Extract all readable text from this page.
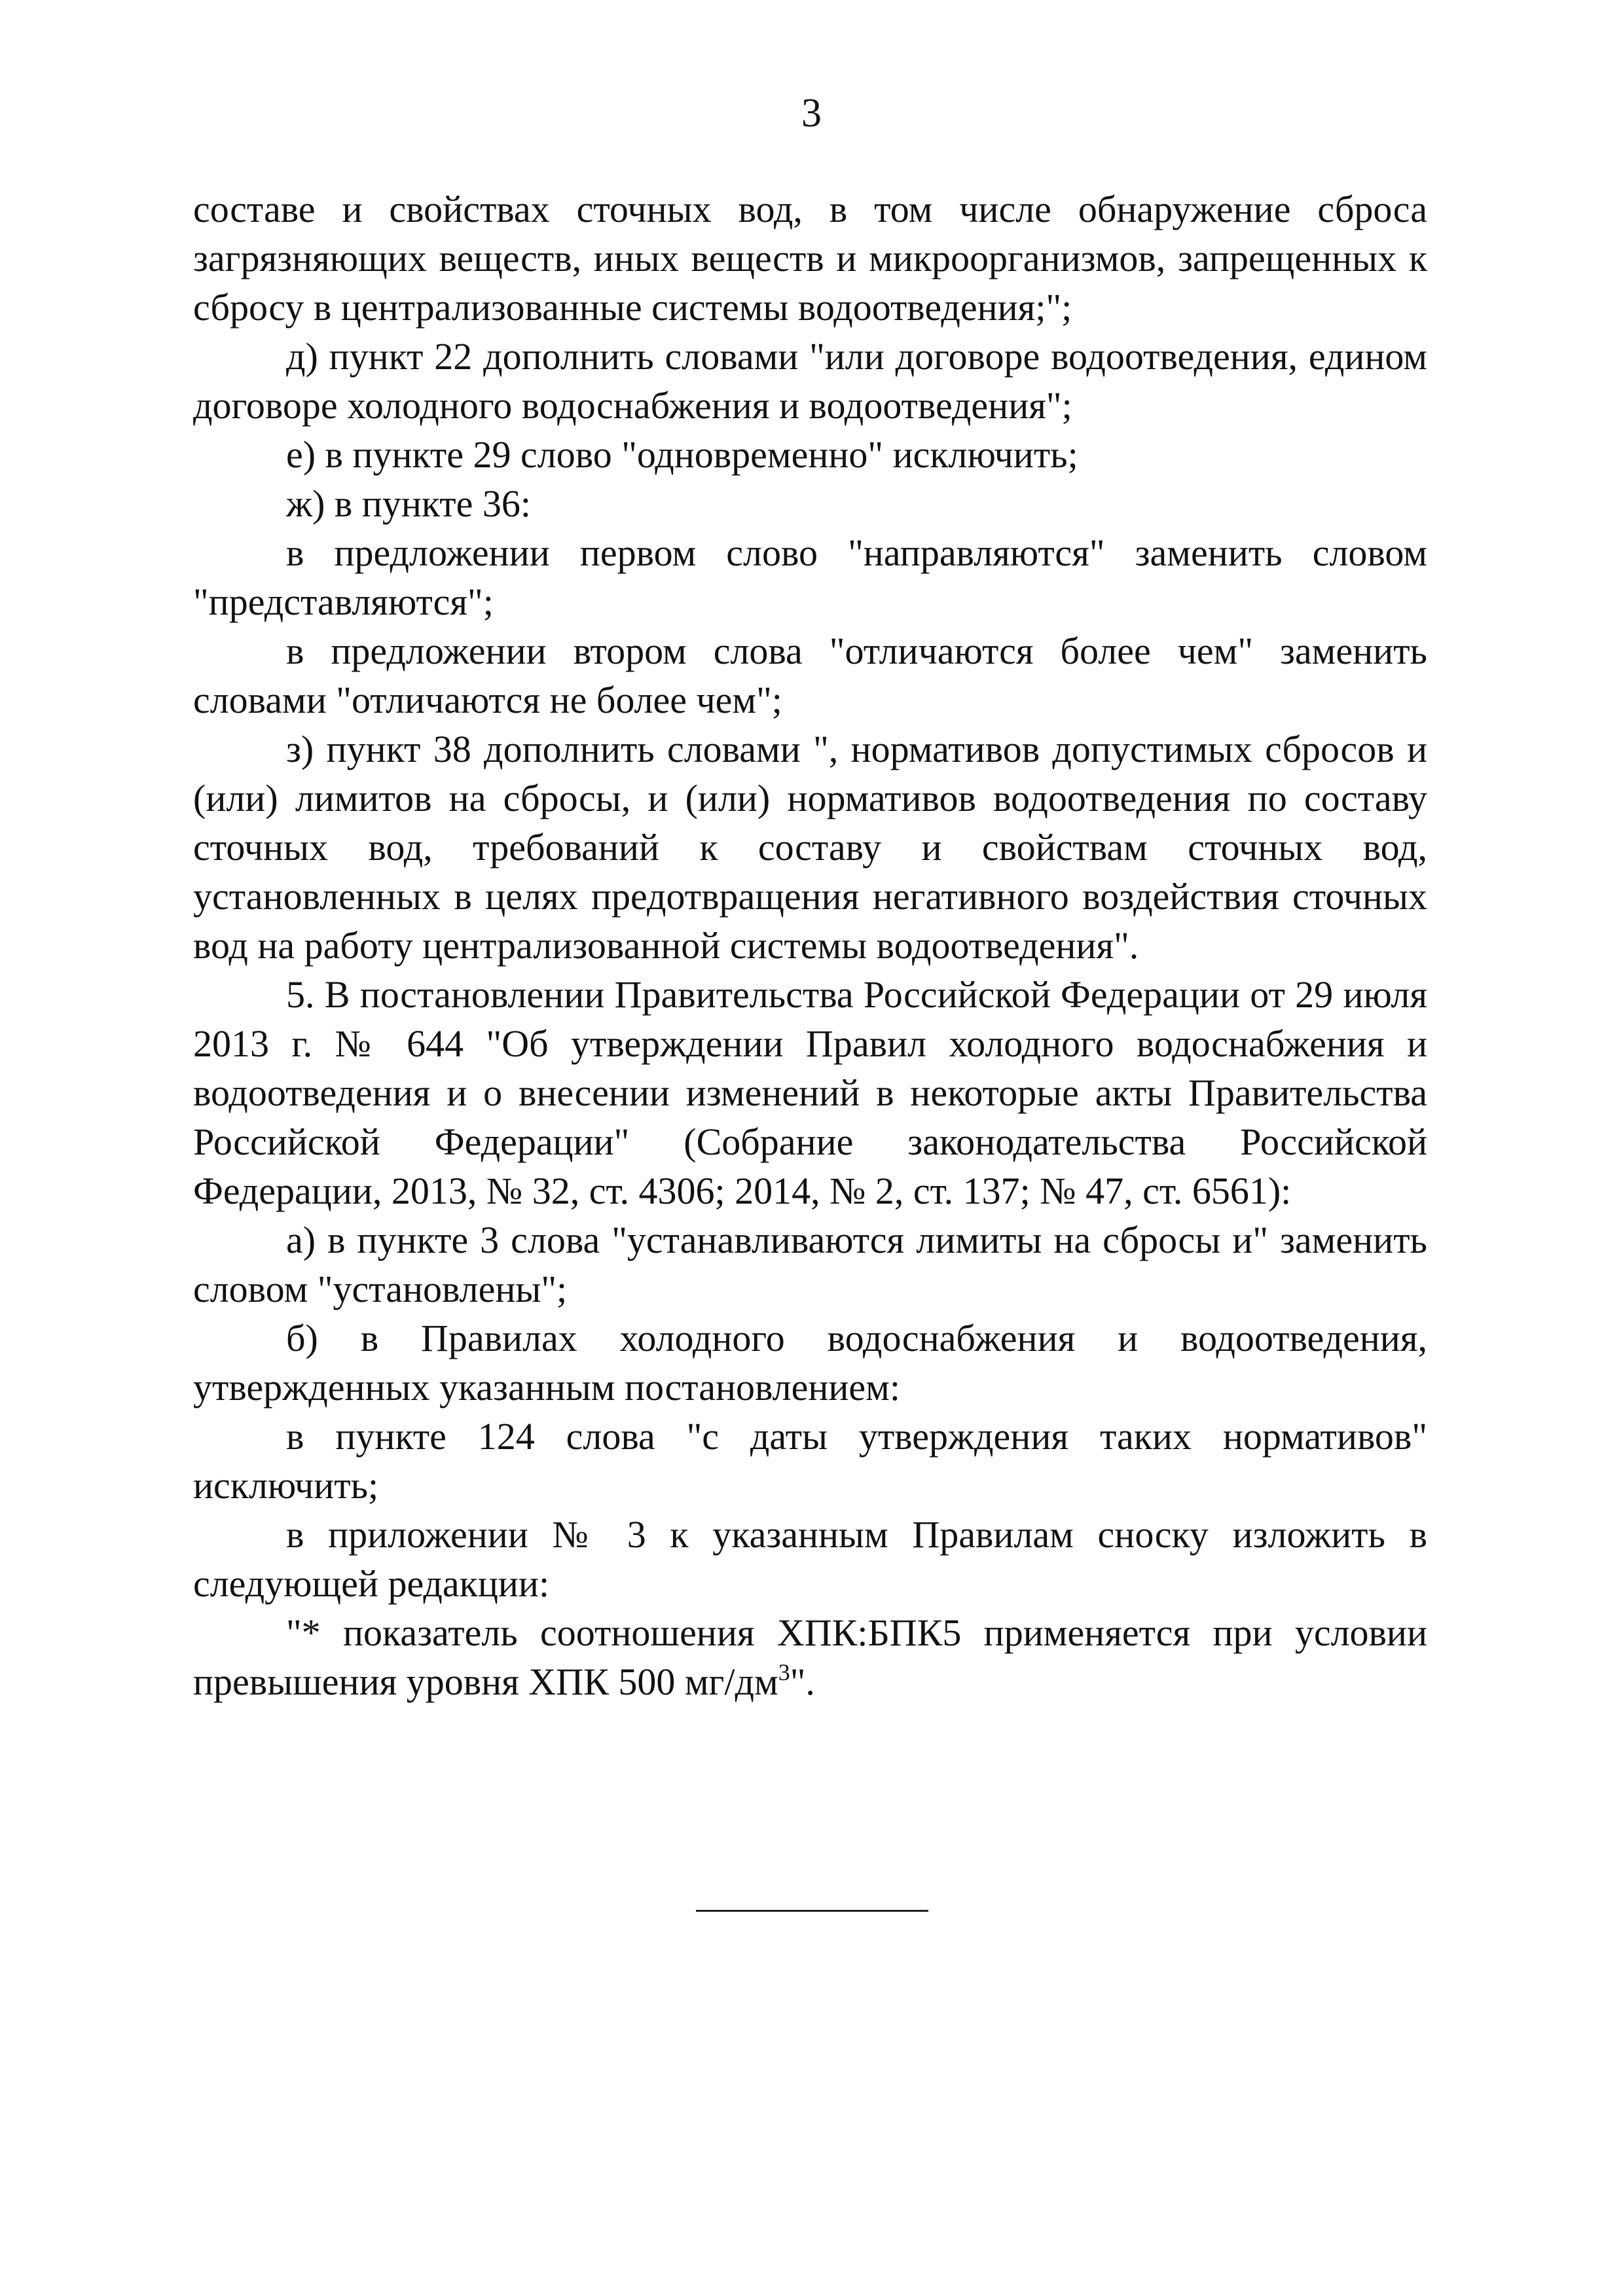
3

составе и свойствах сточных вод, в том числе обнаружение сброса загрязняющих веществ, иных веществ и микроорганизмов, запрещенных к сбросу в централизованные системы водоотведения;";

д) пункт 22 дополнить словами "или договоре водоотведения, едином договоре холодного водоснабжения и водоотведения";

е) в пункте 29 слово "одновременно" исключить;

ж) в пункте 36:

в предложении первом слово "направляются" заменить словом "представляются";

в предложении втором слова "отличаются более чем" заменить словами "отличаются не более чем";

з) пункт 38 дополнить словами ", нормативов допустимых сбросов и (или) лимитов на сбросы, и (или) нормативов водоотведения по составу сточных вод, требований к составу и свойствам сточных вод, установленных в целях предотвращения негативного воздействия сточных вод на работу централизованной системы водоотведения".

5. В постановлении Правительства Российской Федерации от 29 июля 2013 г. № 644 "Об утверждении Правил холодного водоснабжения и водоотведения и о внесении изменений в некоторые акты Правительства Российской Федерации" (Собрание законодательства Российской Федерации, 2013, № 32, ст. 4306; 2014, № 2, ст. 137; № 47, ст. 6561):

а) в пункте 3 слова "устанавливаются лимиты на сбросы и" заменить словом "установлены";

б) в Правилах холодного водоснабжения и водоотведения, утвержденных указанным постановлением:

в пункте 124 слова "с даты утверждения таких нормативов" исключить;

в приложении № 3 к указанным Правилам сноску изложить в следующей редакции:

"* показатель соотношения ХПК:БПК5 применяется при условии превышения уровня ХПК 500 $мг/дм^3$".
